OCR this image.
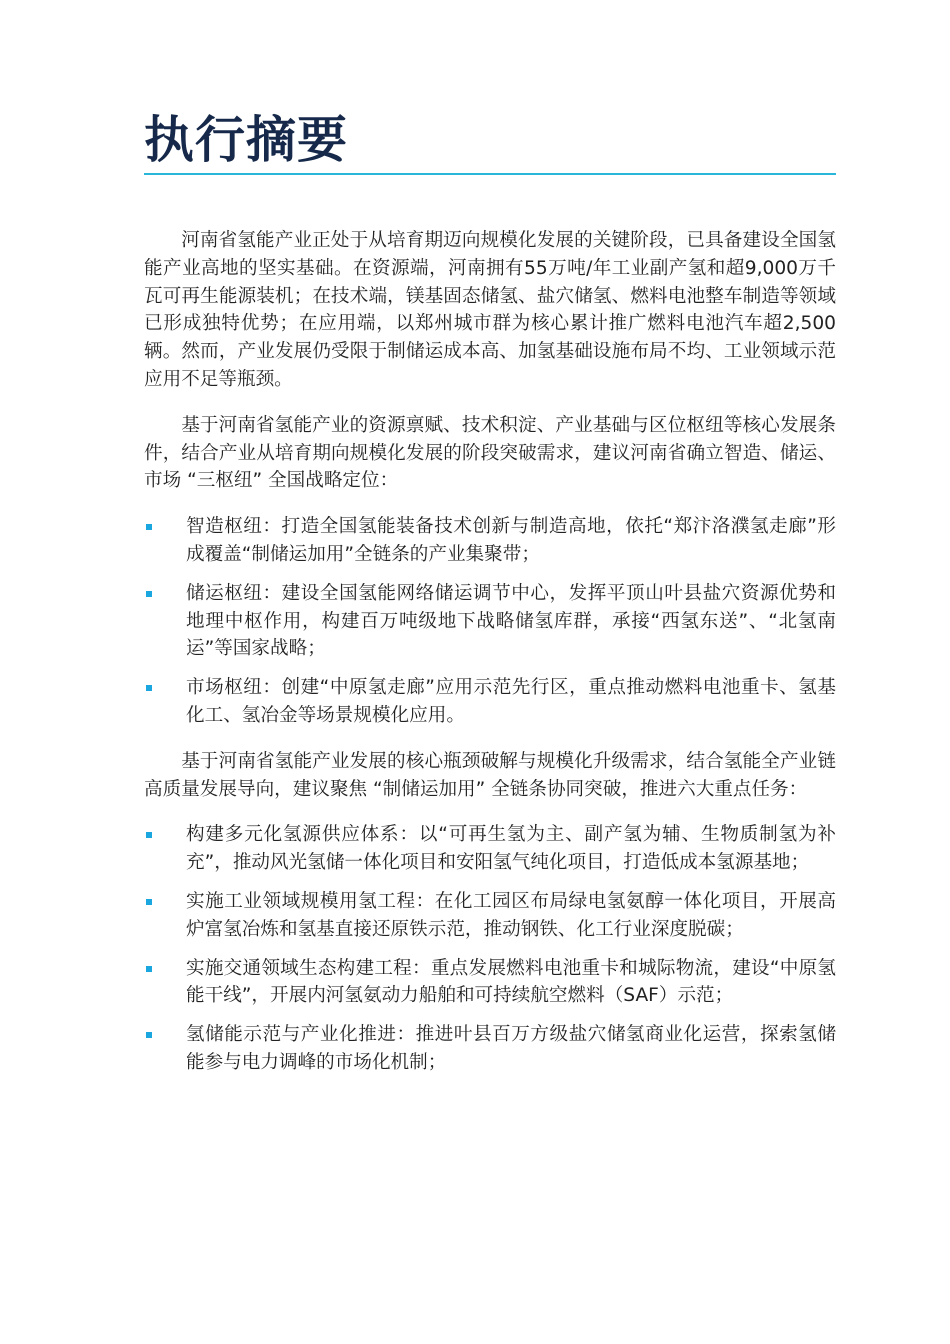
执行摘要

河南省氢能产业正处于从培育期迈向规模化发展的关键阶段，已具备建设全国氢能产业高地的坚实基础。在资源端，河南拥有55万吨/年工业副产氢和超9,000万千瓦可再生能源装机；在技术端，镁基固态储氢、盐穴储氢、燃料电池整车制造等领域已形成独特优势；在应用端，以郑州城市群为核心累计推广燃料电池汽车超2,500辆。然而，产业发展仍受限于制储运成本高、加氢基础设施布局不均、工业领域示范应用不足等瓶颈。

基于河南省氢能产业的资源禀赋、技术积淀、产业基础与区位枢纽等核心发展条件，结合产业从培育期向规模化发展的阶段突破需求，建议河南省确立智造、储运、市场 “三枢纽” 全国战略定位：

智造枢纽：打造全国氢能装备技术创新与制造高地，依托“郑汴洛濮氢走廊”形成覆盖“制储运加用”全链条的产业集聚带；
储运枢纽：建设全国氢能网络储运调节中心，发挥平顶山叶县盐穴资源优势和地理中枢作用，构建百万吨级地下战略储氢库群，承接“西氢东送”、“北氢南运”等国家战略；
市场枢纽：创建“中原氢走廊”应用示范先行区，重点推动燃料电池重卡、氢基化工、氢冶金等场景规模化应用。

基于河南省氢能产业发展的核心瓶颈破解与规模化升级需求，结合氢能全产业链高质量发展导向，建议聚焦 “制储运加用” 全链条协同突破，推进六大重点任务：

构建多元化氢源供应体系：以“可再生氢为主、副产氢为辅、生物质制氢为补充”，推动风光氢储一体化项目和安阳氢气纯化项目，打造低成本氢源基地；
实施工业领域规模用氢工程：在化工园区布局绿电氢氨醇一体化项目，开展高炉富氢冶炼和氢基直接还原铁示范，推动钢铁、化工行业深度脱碳；
实施交通领域生态构建工程：重点发展燃料电池重卡和城际物流，建设“中原氢能干线”，开展内河氢氨动力船舶和可持续航空燃料（SAF）示范；
氢储能示范与产业化推进：推进叶县百万方级盐穴储氢商业化运营，探索氢储能参与电力调峰的市场化机制；
